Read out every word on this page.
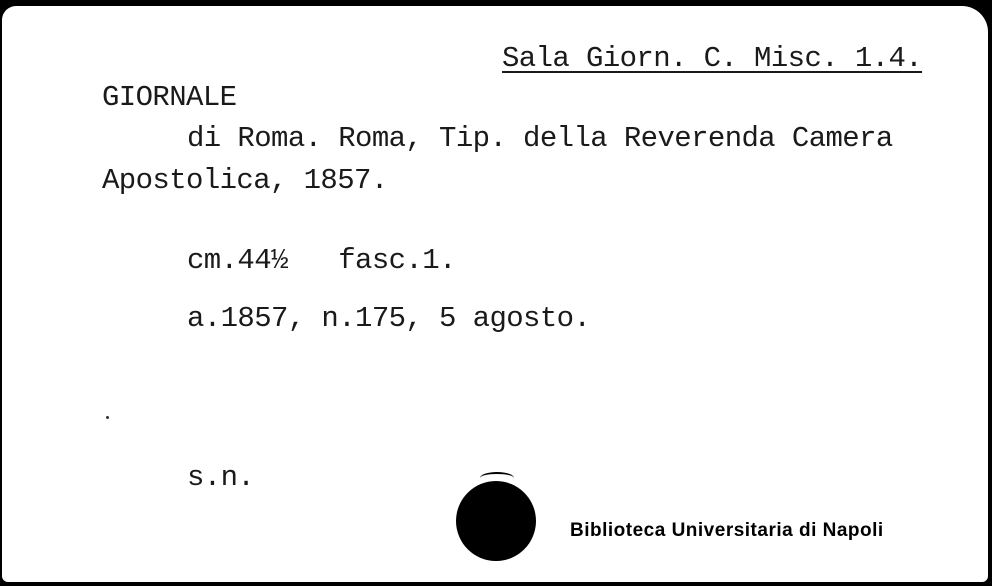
Sala Giorn. C. Misc. 1.4.
GIORNALE
di Roma. Roma, Tip. della Reverenda Camera
Apostolica, 1857.
cm.44½   fasc.1.
a.1857, n.175, 5 agosto.
s.n.
Biblioteca Universitaria di Napoli
